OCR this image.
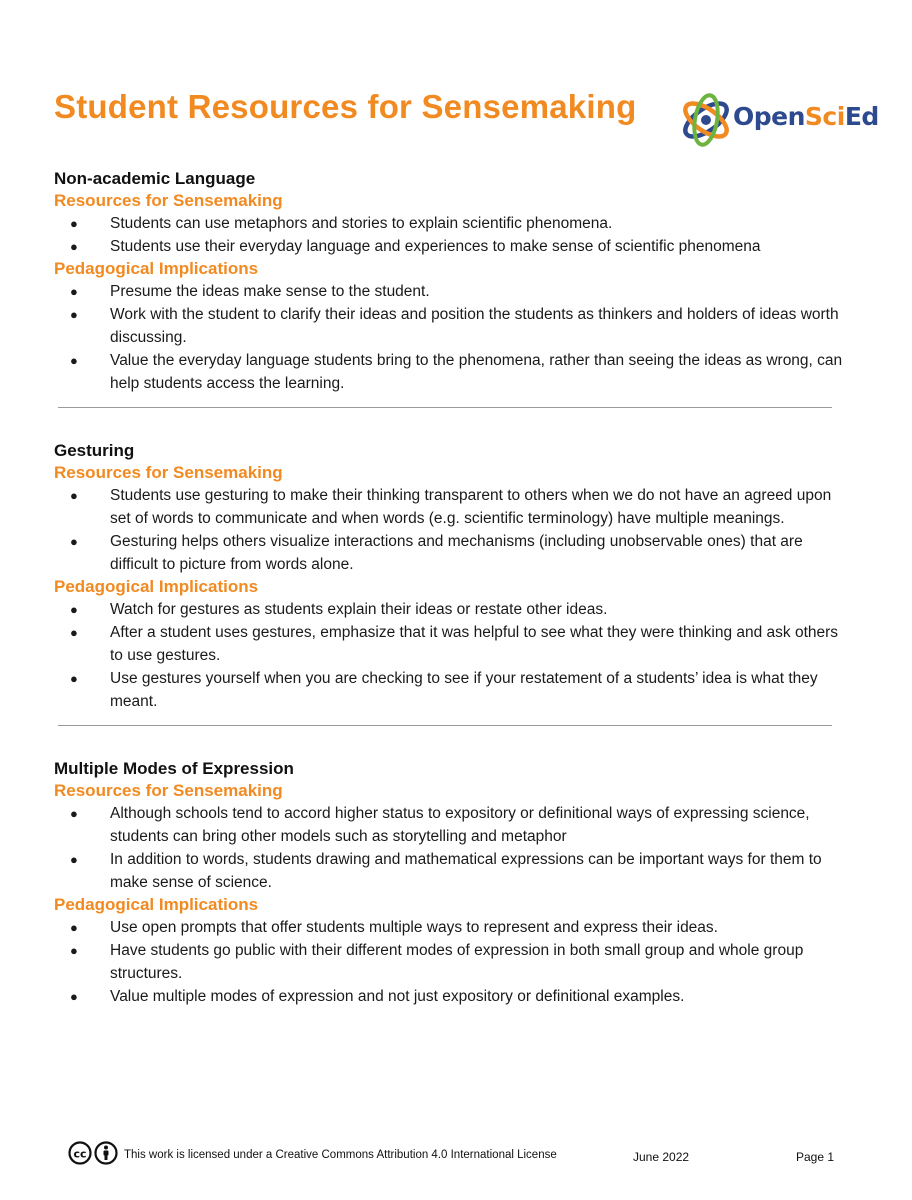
Student Resources for Sensemaking	OpenSciEd
Non-academic Language
Resources for Sensemaking
● Students can use metaphors and stories to explain scientific phenomena.
● Students use their everyday language and experiences to make sense of scientific phenomena
Pedagogical Implications
● Presume the ideas make sense to the student.
● Work with the student to clarify their ideas and position the students as thinkers and holders of ideas worth discussing.
● Value the everyday language students bring to the phenomena, rather than seeing the ideas as wrong, can help students access the learning.
Gesturing
Resources for Sensemaking
● Students use gesturing to make their thinking transparent to others when we do not have an agreed upon set of words to communicate and when words (e.g. scientific terminology) have multiple meanings.
● Gesturing helps others visualize interactions and mechanisms (including unobservable ones) that are difficult to picture from words alone.
Pedagogical Implications
● Watch for gestures as students explain their ideas or restate other ideas.
● After a student uses gestures, emphasize that it was helpful to see what they were thinking and ask others to use gestures.
● Use gestures yourself when you are checking to see if your restatement of a students’ idea is what they meant.
Multiple Modes of Expression
Resources for Sensemaking
● Although schools tend to accord higher status to expository or definitional ways of expressing science, students can bring other models such as storytelling and metaphor
● In addition to words, students drawing and mathematical expressions can be important ways for them to make sense of science.
Pedagogical Implications
● Use open prompts that offer students multiple ways to represent and express their ideas.
● Have students go public with their different modes of expression in both small group and whole group structures.
● Value multiple modes of expression and not just expository or definitional examples.
cc	This work is licensed under a Creative Commons Attribution 4.0 International License	June 2022	Page 1
